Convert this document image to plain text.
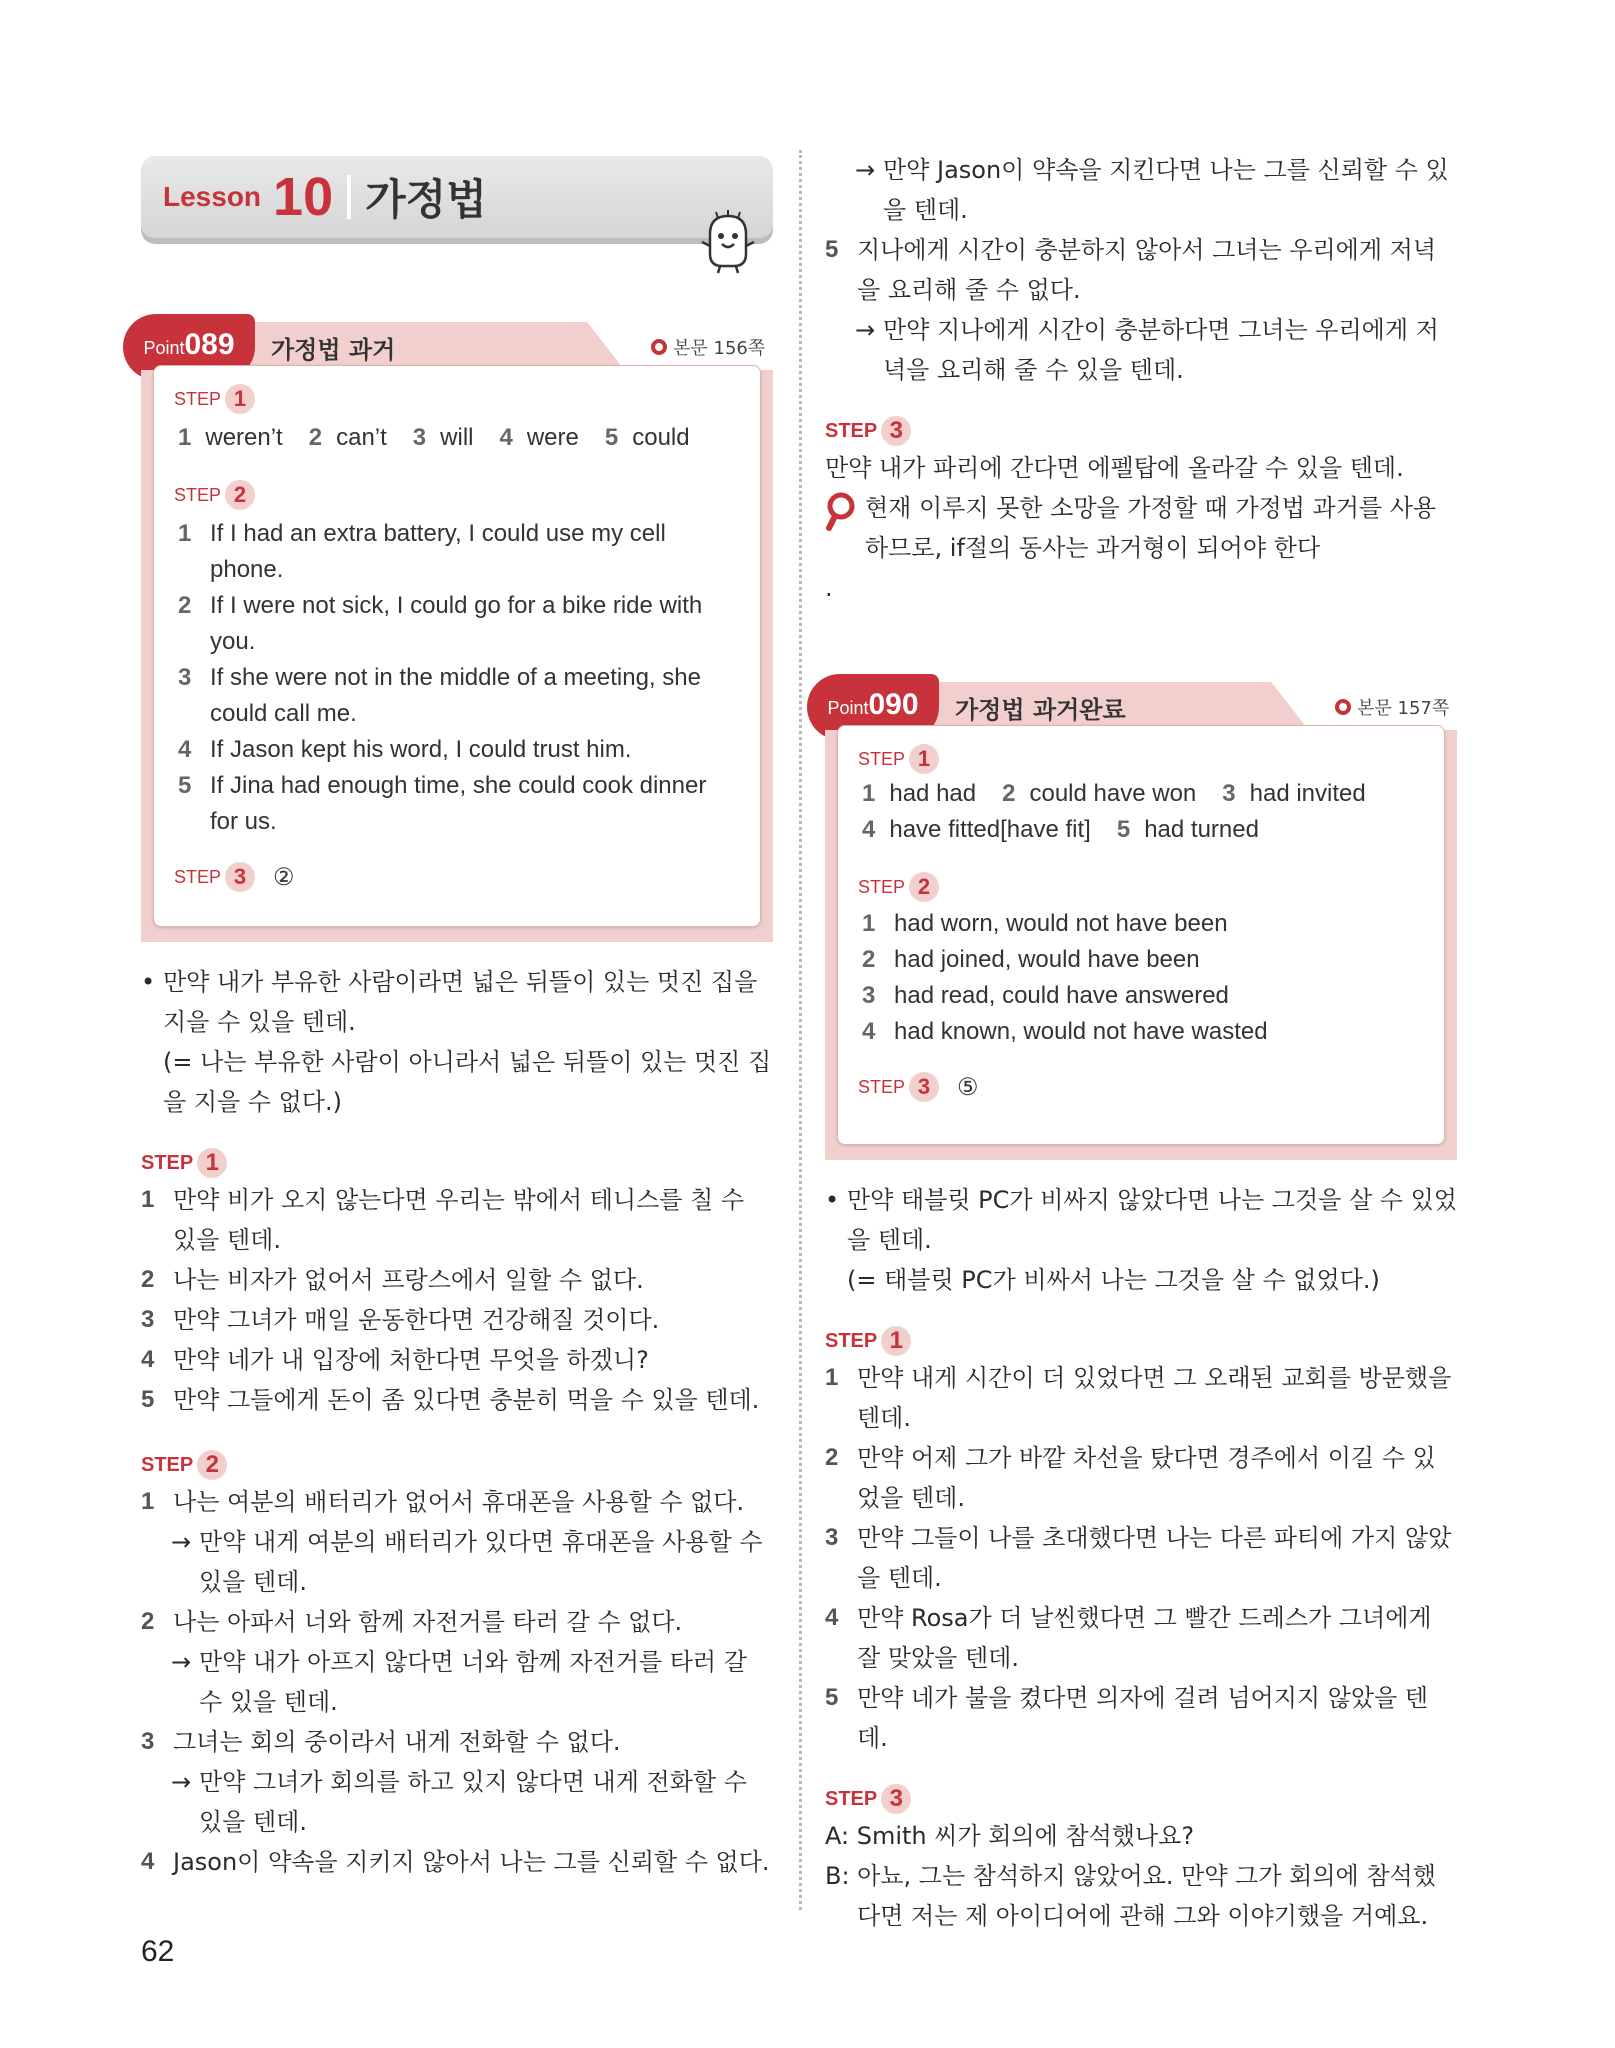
Lesson 10 가정법
Point 089 가정법 과거	본문 156쪽
STEP 1
1 weren’t 2 can’t 3 will 4 were 5 could
STEP 2
1 If I had an extra battery, I could use my cell phone.
2 If I were not sick, I could go for a bike ride with you.
3 If she were not in the middle of a meeting, she could call me.
4 If Jason kept his word, I could trust him.
5 If Jina had enough time, she could cook dinner for us.
STEP 3	②
• 만약 내가 부유한 사람이라면 넓은 뒤뜰이 있는 멋진 집을 지을 수 있을 텐데.
(= 나는 부유한 사람이 아니라서 넓은 뒤뜰이 있는 멋진 집을 지을 수 없다.)
STEP 1
1 만약 비가 오지 않는다면 우리는 밖에서 테니스를 칠 수 있을 텐데.
2 나는 비자가 없어서 프랑스에서 일할 수 없다.
3 만약 그녀가 매일 운동한다면 건강해질 것이다.
4 만약 네가 내 입장에 처한다면 무엇을 하겠니?
5 만약 그들에게 돈이 좀 있다면 충분히 먹을 수 있을 텐데.
STEP 2
1 나는 여분의 배터리가 없어서 휴대폰을 사용할 수 없다.
→ 만약 내게 여분의 배터리가 있다면 휴대폰을 사용할 수 있을 텐데.
2 나는 아파서 너와 함께 자전거를 타러 갈 수 없다.
→ 만약 내가 아프지 않다면 너와 함께 자전거를 타러 갈 수 있을 텐데.
3 그녀는 회의 중이라서 내게 전화할 수 없다.
→ 만약 그녀가 회의를 하고 있지 않다면 내게 전화할 수 있을 텐데.
4 Jason이 약속을 지키지 않아서 나는 그를 신뢰할 수 없다.
→ 만약 Jason이 약속을 지킨다면 나는 그를 신뢰할 수 있을 텐데.
5 지나에게 시간이 충분하지 않아서 그녀는 우리에게 저녁을 요리해 줄 수 없다.
→ 만약 지나에게 시간이 충분하다면 그녀는 우리에게 저녁을 요리해 줄 수 있을 텐데.
STEP 3
만약 내가 파리에 간다면 에펠탑에 올라갈 수 있을 텐데.
현재 이루지 못한 소망을 가정할 때 가정법 과거를 사용하므로, if절의 동사는 과거형이 되어야 한다
.
Point 090 가정법 과거완료	본문 157쪽
STEP 1
1 had had 2 could have won 3 had invited
4 have fitted[have fit] 5 had turned
STEP 2
1 had worn, would not have been
2 had joined, would have been
3 had read, could have answered
4 had known, would not have wasted
STEP 3	⑤
• 만약 태블릿 PC가 비싸지 않았다면 나는 그것을 살 수 있었을 텐데.
(= 태블릿 PC가 비싸서 나는 그것을 살 수 없었다.)
STEP 1
1 만약 내게 시간이 더 있었다면 그 오래된 교회를 방문했을 텐데.
2 만약 어제 그가 바깥 차선을 탔다면 경주에서 이길 수 있었을 텐데.
3 만약 그들이 나를 초대했다면 나는 다른 파티에 가지 않았을 텐데.
4 만약 Rosa가 더 날씬했다면 그 빨간 드레스가 그녀에게 잘 맞았을 텐데.
5 만약 네가 불을 켰다면 의자에 걸려 넘어지지 않았을 텐데.
STEP 3
A: Smith 씨가 회의에 참석했나요?
B: 아뇨, 그는 참석하지 않았어요. 만약 그가 회의에 참석했다면 저는 제 아이디어에 관해 그와 이야기했을 거예요.
62
